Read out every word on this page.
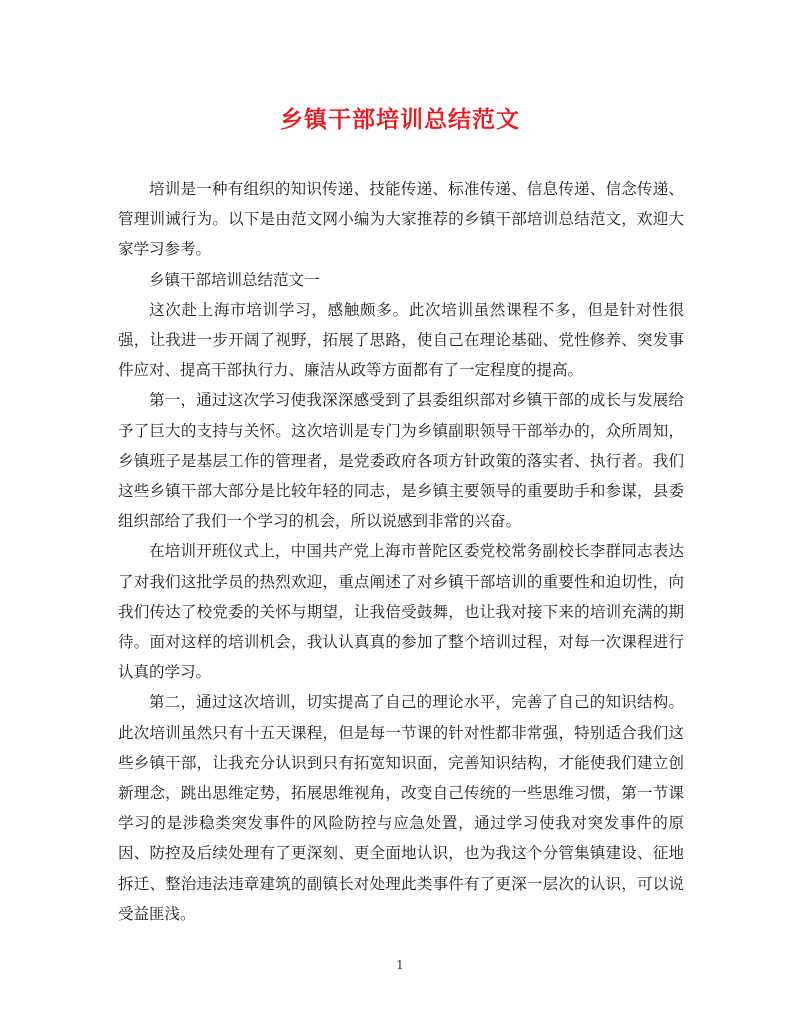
乡镇干部培训总结范文

培训是一种有组织的知识传递、技能传递、标准传递、信息传递、信念传递、管理训诫行为。以下是由范文网小编为大家推荐的乡镇干部培训总结范文，欢迎大家学习参考。

乡镇干部培训总结范文一

这次赴上海市培训学习，感触颇多。此次培训虽然课程不多，但是针对性很强，让我进一步开阔了视野，拓展了思路，使自己在理论基础、党性修养、突发事件应对、提高干部执行力、廉洁从政等方面都有了一定程度的提高。

第一，通过这次学习使我深深感受到了县委组织部对乡镇干部的成长与发展给予了巨大的支持与关怀。这次培训是专门为乡镇副职领导干部举办的，众所周知，乡镇班子是基层工作的管理者，是党委政府各项方针政策的落实者、执行者。我们这些乡镇干部大部分是比较年轻的同志，是乡镇主要领导的重要助手和参谋，县委组织部给了我们一个学习的机会，所以说感到非常的兴奋。

在培训开班仪式上，中国共产党上海市普陀区委党校常务副校长李群同志表达了对我们这批学员的热烈欢迎，重点阐述了对乡镇干部培训的重要性和迫切性，向我们传达了校党委的关怀与期望，让我倍受鼓舞，也让我对接下来的培训充满的期待。面对这样的培训机会，我认认真真的参加了整个培训过程，对每一次课程进行认真的学习。

第二，通过这次培训，切实提高了自己的理论水平，完善了自己的知识结构。此次培训虽然只有十五天课程，但是每一节课的针对性都非常强，特别适合我们这些乡镇干部，让我充分认识到只有拓宽知识面，完善知识结构，才能使我们建立创新理念，跳出思维定势，拓展思维视角，改变自己传统的一些思维习惯，第一节课学习的是涉稳类突发事件的风险防控与应急处置，通过学习使我对突发事件的原因、防控及后续处理有了更深刻、更全面地认识，也为我这个分管集镇建设、征地拆迁、整治违法违章建筑的副镇长对处理此类事件有了更深一层次的认识，可以说受益匪浅。

1
